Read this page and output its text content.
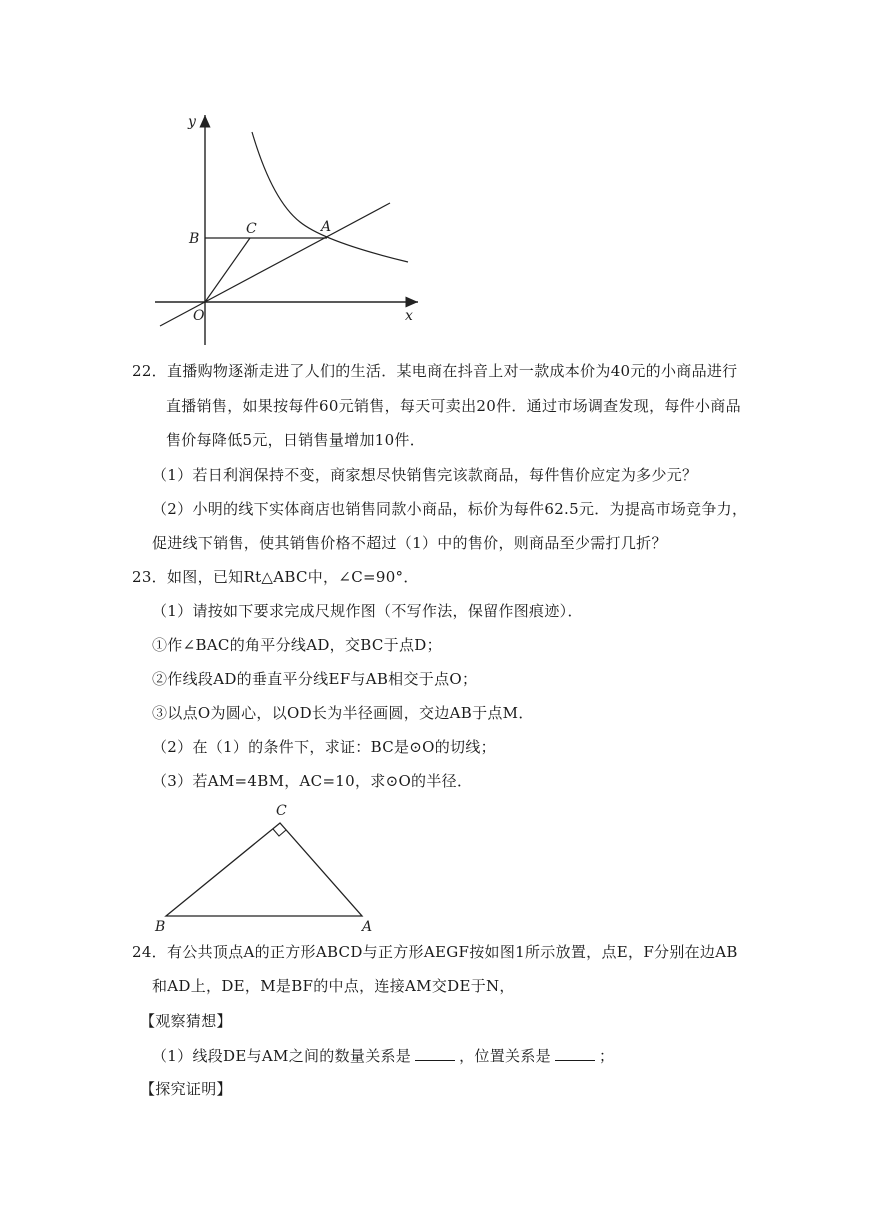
y
x
O
B
C	A
22．直播购物逐渐走进了人们的生活．某电商在抖音上对一款成本价为40元的小商品进行
直播销售，如果按每件60元销售，每天可卖出20件．通过市场调查发现，每件小商品
售价每降低5元，日销售量增加10件．
（1）若日利润保持不变，商家想尽快销售完该款商品，每件售价应定为多少元？
（2）小明的线下实体商店也销售同款小商品，标价为每件62.5元．为提高市场竞争力，
促进线下销售，使其销售价格不超过（1）中的售价，则商品至少需打几折？
23．如图，已知Rt△ABC中，∠C=90°．
（1）请按如下要求完成尺规作图（不写作法，保留作图痕迹）．
①作∠BAC的角平分线AD，交BC于点D；
②作线段AD的垂直平分线EF与AB相交于点O；
③以点O为圆心，以OD长为半径画圆，交边AB于点M．
（2）在（1）的条件下，求证：BC是⊙O的切线；
（3）若AM=4BM，AC=10，求⊙O的半径．
C
B	A
24．有公共顶点A的正方形ABCD与正方形AEGF按如图1所示放置，点E，F分别在边AB
和AD上，DE，M是BF的中点，连接AM交DE于N，
【观察猜想】
（1）线段DE与AM之间的数量关系是	，位置关系是	；
【探究证明】
